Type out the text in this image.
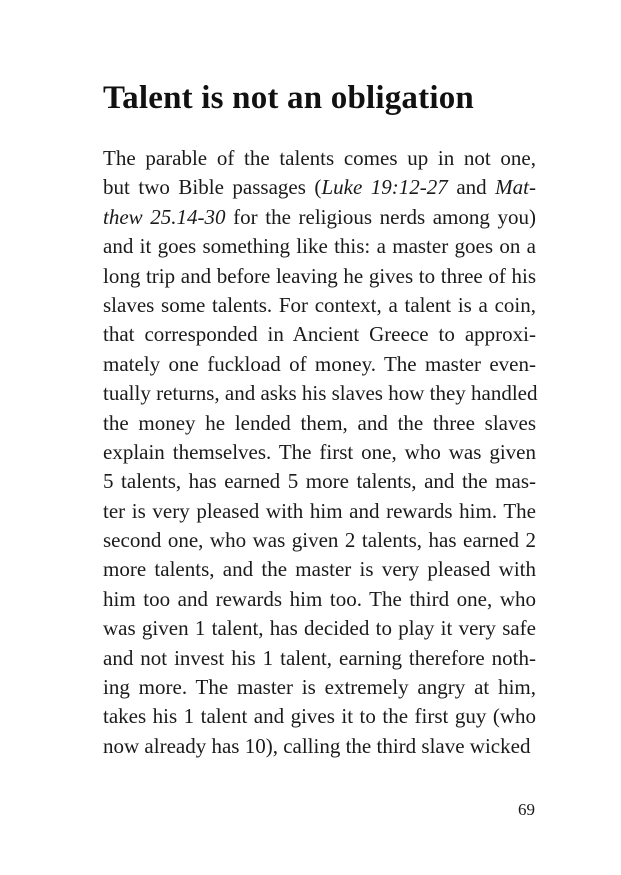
Talent is not an obligation
The parable of the talents comes up in not one,
but two Bible passages (Luke 19:12-27 and Mat-
thew 25.14-30 for the religious nerds among you)
and it goes something like this: a master goes on a
long trip and before leaving he gives to three of his
slaves some talents. For context, a talent is a coin,
that corresponded in Ancient Greece to approxi-
mately one fuckload of money. The master even-
tually returns, and asks his slaves how they handled
the money he lended them, and the three slaves
explain themselves. The first one, who was given
5 talents, has earned 5 more talents, and the mas-
ter is very pleased with him and rewards him. The
second one, who was given 2 talents, has earned 2
more talents, and the master is very pleased with
him too and rewards him too. The third one, who
was given 1 talent, has decided to play it very safe
and not invest his 1 talent, earning therefore noth-
ing more. The master is extremely angry at him,
takes his 1 talent and gives it to the first guy (who
now already has 10), calling the third slave wicked
69
